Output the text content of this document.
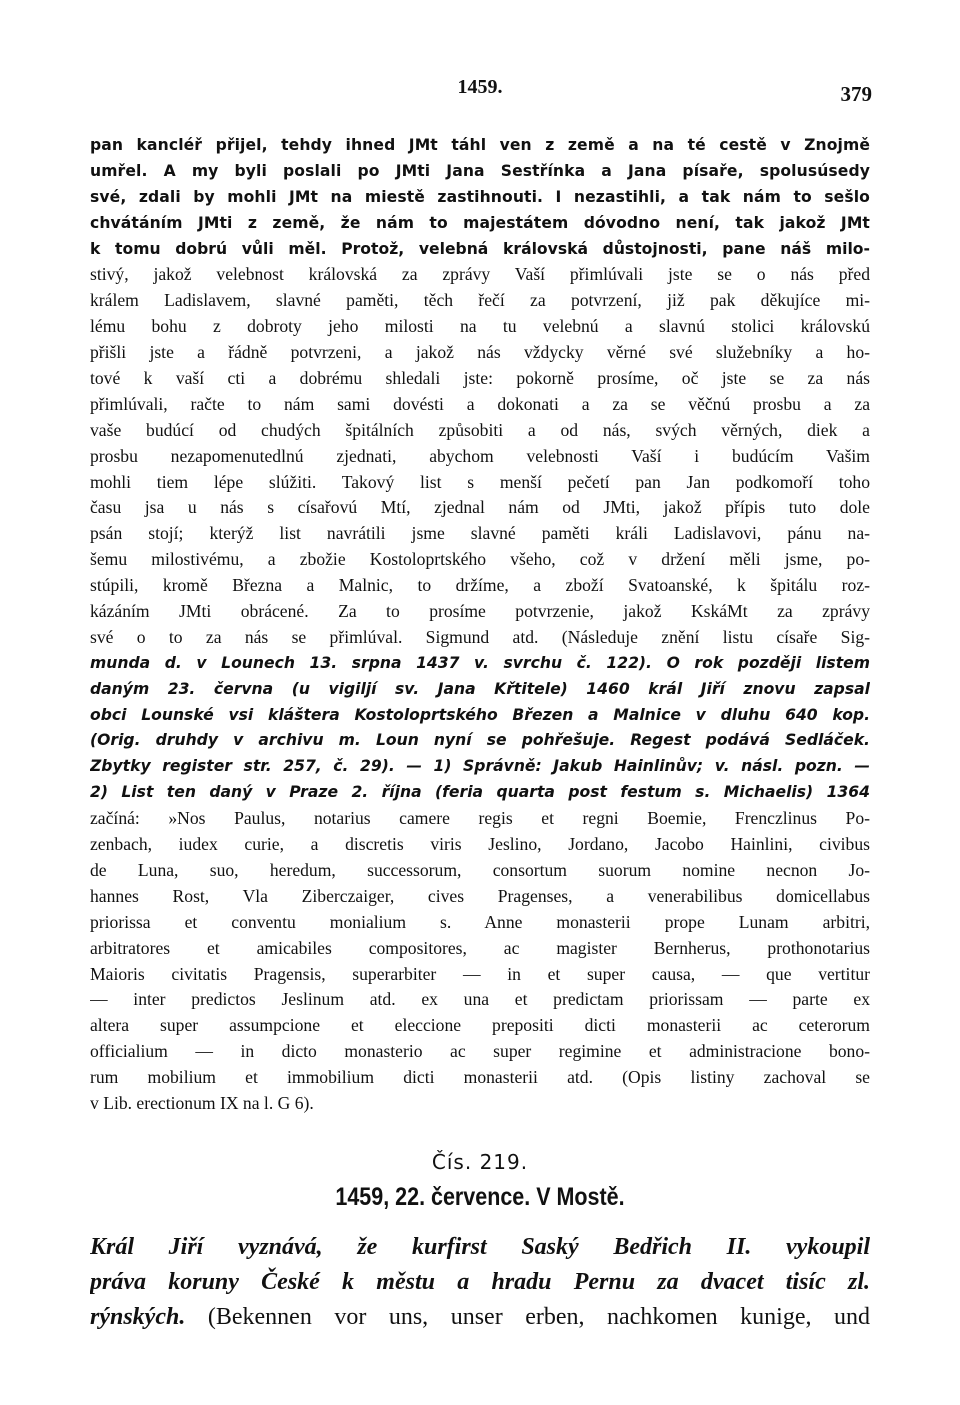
1459.	379
pan kancléř přijel, tehdy ihned JMt táhl ven z země a na té cestě v Znojmě
umřel. A my byli poslali po JMti Jana Sestřínka a Jana písaře, spolusúsedy
své, zdali by mohli JMt na miestě zastihnouti. I nezastihli, a tak nám to sešlo
chvátáním JMti z země, že nám to majestátem dóvodno není, tak jakož JMt
k tomu dobrú vůli měl. Protož, velebná královská důstojnosti, pane náš milo-
stivý, jakož velebnost královská za zprávy Vaší přimlúvali jste se o nás před
králem Ladislavem, slavné paměti, těch řečí za potvrzení, již pak děkujíce mi-
lému bohu z dobroty jeho milosti na tu velebnú a slavnú stolici královskú
přišli jste a řádně potvrzeni, a jakož nás vždycky věrné své služebníky a ho-
tové k vaší cti a dobrému shledali jste: pokorně prosíme, oč jste se za nás
přimlúvali, račte to nám sami dovésti a dokonati a za se věčnú prosbu a za
vaše budúcí od chudých špitálních způsobiti a od nás, svých věrných, diek a
prosbu nezapomenutedlnú zjednati, abychom velebnosti Vaší i budúcím Vašim
mohli tiem lépe slúžiti. Takový list s menší pečetí pan Jan podkomoří toho
času jsa u nás s císařovú Mtí, zjednal nám od JMti, jakož přípis tuto dole
psán stojí; kterýž list navrátili jsme slavné paměti králi Ladislavovi, pánu na-
šemu milostivému, a zbožie Kostoloprtského všeho, což v držení měli jsme, po-
stúpili, kromě Března a Malnic, to držíme, a zboží Svatoanské, k špitálu roz-
kázáním JMti obrácené. Za to prosíme potvrzenie, jakož KskáMt za zprávy
své o to za nás se přimlúval. Sigmund atd. (Následuje znění listu císaře Sig-
munda d. v Lounech 13. srpna 1437 v. svrchu č. 122). O rok později listem
daným 23. června (u vigiljí sv. Jana Křtitele) 1460 král Jiří znovu zapsal
obci Lounské vsi kláštera Kostoloprtského Březen a Malnice v dluhu 640 kop.
(Orig. druhdy v archivu m. Loun nyní se pohřešuje. Regest podává Sedláček.
Zbytky register str. 257, č. 29). — 1) Správně: Jakub Hainlinův; v. násl. pozn. —
2) List ten daný v Praze 2. října (feria quarta post festum s. Michaelis) 1364
začíná: »Nos Paulus, notarius camere regis et regni Boemie, Frenczlinus Po-
zenbach, iudex curie, a discretis viris Jeslino, Jordano, Jacobo Hainlini, civibus
de Luna, suo, heredum, successorum, consortum suorum nomine necnon Jo-
hannes Rost, Vla Ziberczaiger, cives Pragenses, a venerabilibus domicellabus
priorissa et conventu monialium s. Anne monasterii prope Lunam arbitri,
arbitratores et amicabiles compositores, ac magister Bernherus, prothonotarius
Maioris civitatis Pragensis, superarbiter — in et super causa, — que vertitur
— inter predictos Jeslinum atd. ex una et predictam priorissam — parte ex
altera super assumpcione et eleccione prepositi dicti monasterii ac ceterorum
officialium — in dicto monasterio ac super regimine et administracione bono-
rum mobilium et immobilium dicti monasterii atd. (Opis listiny zachoval se
v Lib. erectionum IX na l. G 6).
Čís. 219.
1459, 22. července. V Mostě.
Král Jiří vyznává, že kurfirst Saský Bedřich II. vykoupil
práva koruny České k městu a hradu Pernu za dvacet tisíc zl.
rýnských. (Bekennen vor uns, unser erben, nachkomen kunige, und
